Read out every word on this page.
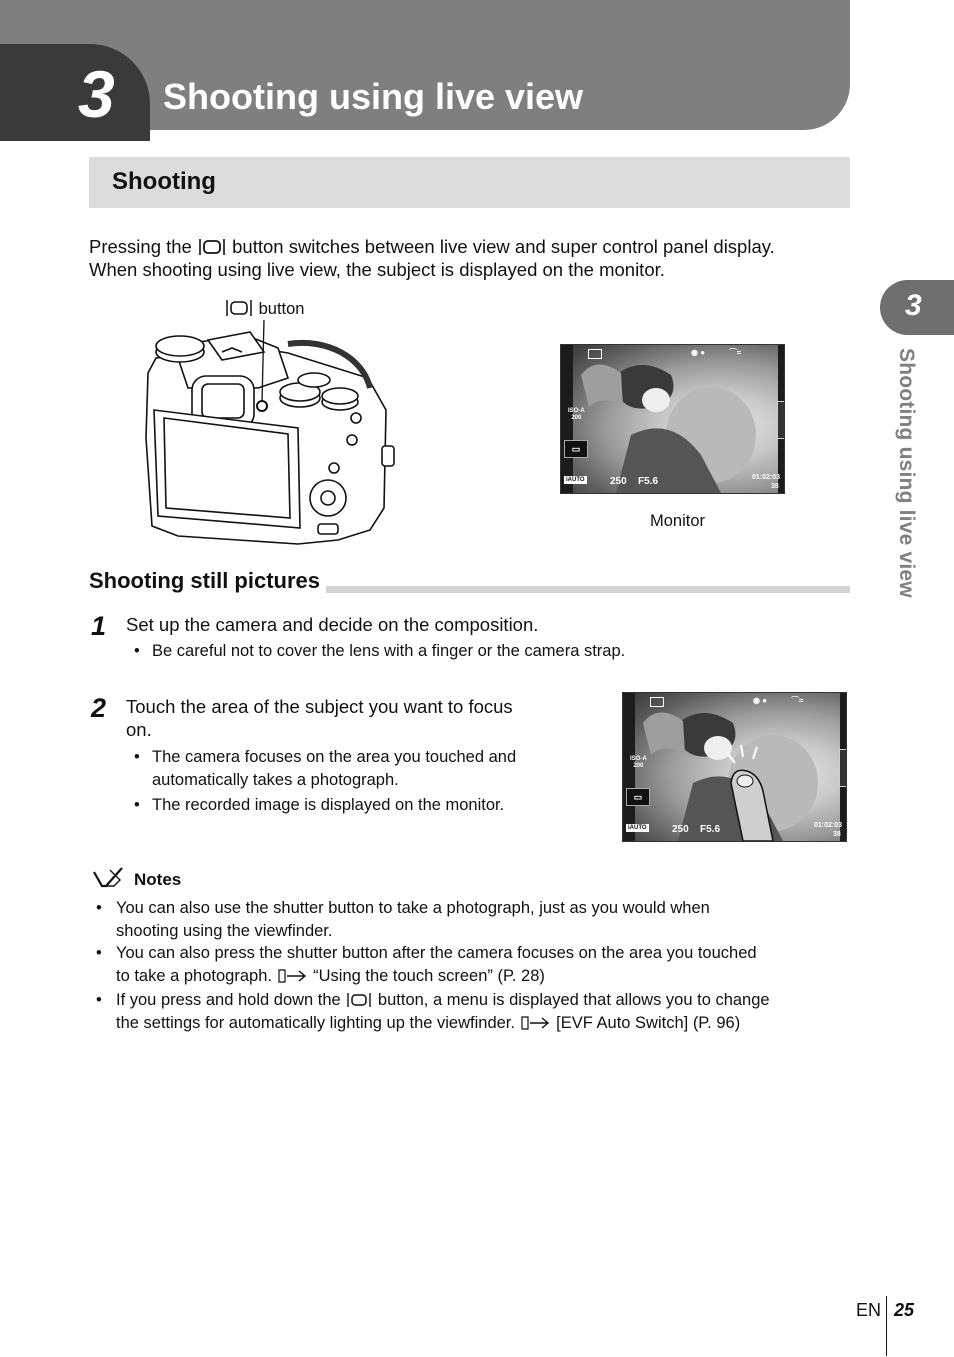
3 Shooting using live view
Shooting
Pressing the button switches between live view and super control panel display.
When shooting using live view, the subject is displayed on the monitor.
button
◉ ●	⌒≈
ISO-A
200
▭
iAUTO	250 F5.6	01:02:03
38
Monitor
Shooting still pictures
1 Set up the camera and decide on the composition.
• Be careful not to cover the lens with a finger or the camera strap.
2 Touch the area of the subject you want to focus
on.
• The camera focuses on the area you touched and
automatically takes a photograph.
• The recorded image is displayed on the monitor.
◉ ●	⌒≈
ISO-A
200
▭
iAUTO	250 F5.6	01:02:03
38
Notes
• You can also use the shutter button to take a photograph, just as you would when
shooting using the viewfinder.
• You can also press the shutter button after the camera focuses on the area you touched
to take a photograph. “Using the touch screen” (P. 28)
• If you press and hold down the button, a menu is displayed that allows you to change
the settings for automatically lighting up the viewfinder. [EVF Auto Switch] (P. 96)
3
Shooting using live view
EN 25
